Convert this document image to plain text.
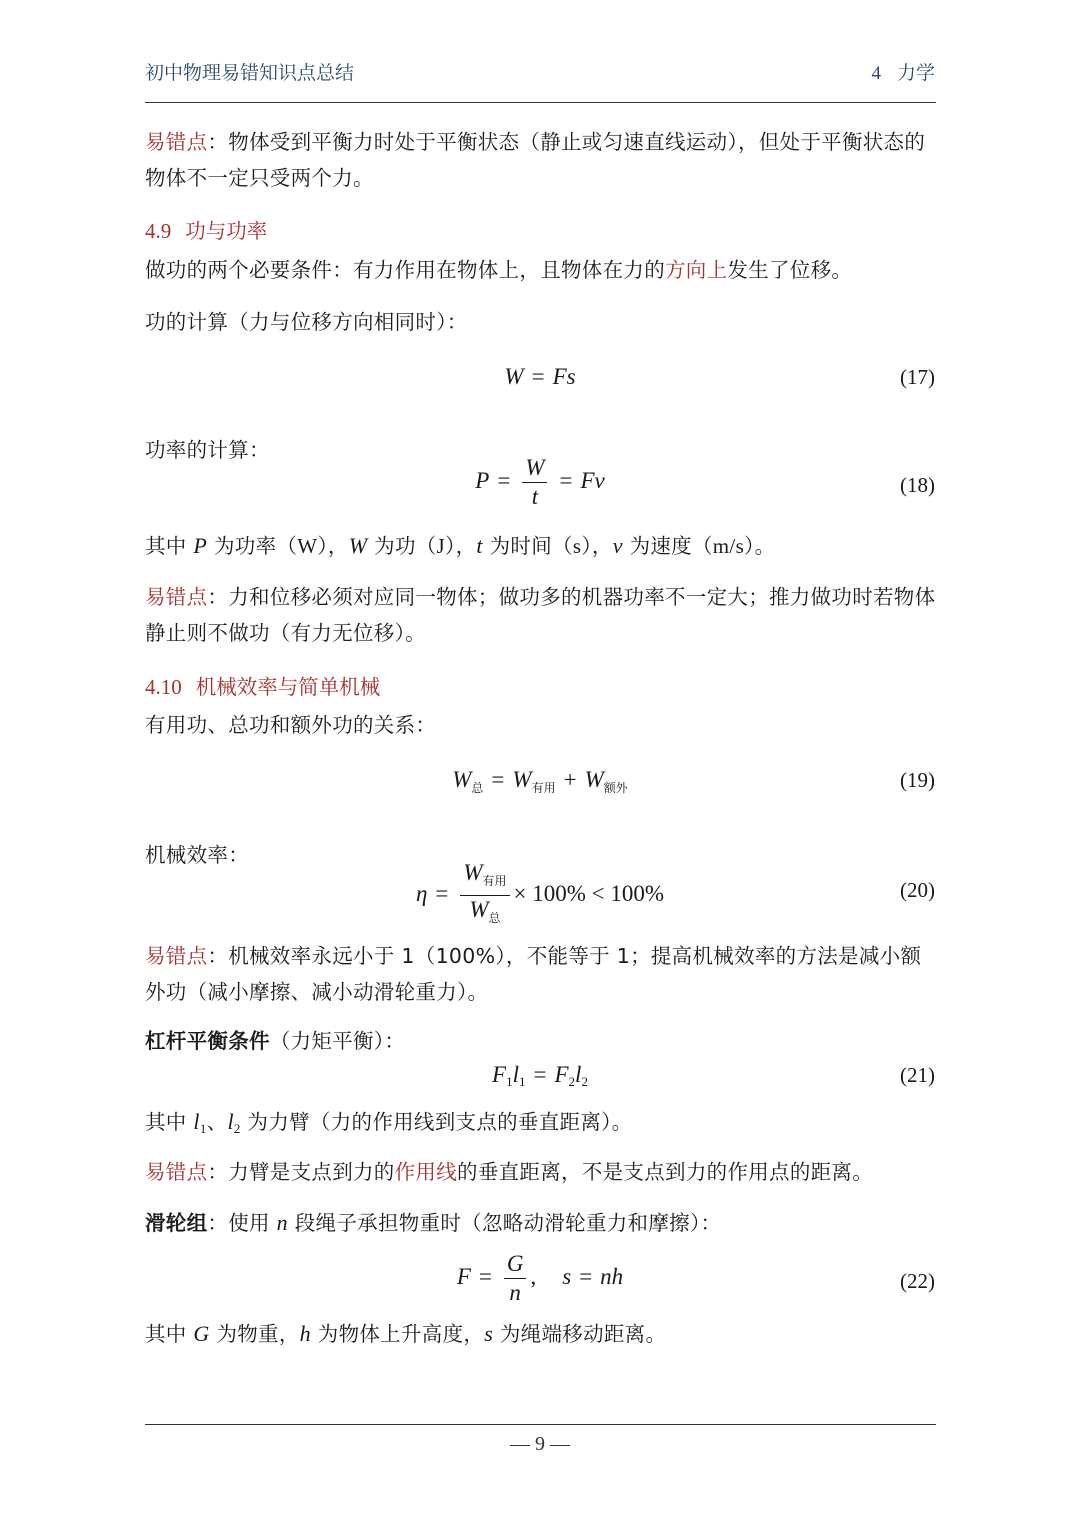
初中物理易错知识点总结	4 力学
易错点：物体受到平衡力时处于平衡状态（静止或匀速直线运动），但处于平衡状态的物体不一定只受两个力。
4.9 功与功率
做功的两个必要条件：有力作用在物体上，且物体在力的方向上发生了位移。
功的计算（力与位移方向相同时）：
W = Fs	(17)
功率的计算：
$P = \frac{W}{t} = Fv$	(18)
其中 P 为功率（W），W 为功（J），t 为时间（s），v 为速度（m/s）。
易错点：力和位移必须对应同一物体；做功多的机器功率不一定大；推力做功时若物体静止则不做功（有力无位移）。
4.10 机械效率与简单机械
有用功、总功和额外功的关系：
$W_总 = W_{有用} + W_{额外}$	(19)
机械效率：
$\eta = \frac{W_{有用}}{W_总} \times 100\% < 100\%$	(20)
易错点：机械效率永远小于 1（100%），不能等于 1；提高机械效率的方法是减小额外功（减小摩擦、减小动滑轮重力）。
杠杆平衡条件（力矩平衡）：
$F_1l_1 = F_2l_2$	(21)
其中 $l_1$、$l_2$ 为力臂（力的作用线到支点的垂直距离）。
易错点：力臂是支点到力的作用线的垂直距离，不是支点到力的作用点的距离。
滑轮组：使用 n 段绳子承担物重时（忽略动滑轮重力和摩擦）：
$F = \frac{G}{n}$ , s = nh	(22)
其中 G 为物重，h 为物体上升高度，s 为绳端移动距离。
— 9 —
